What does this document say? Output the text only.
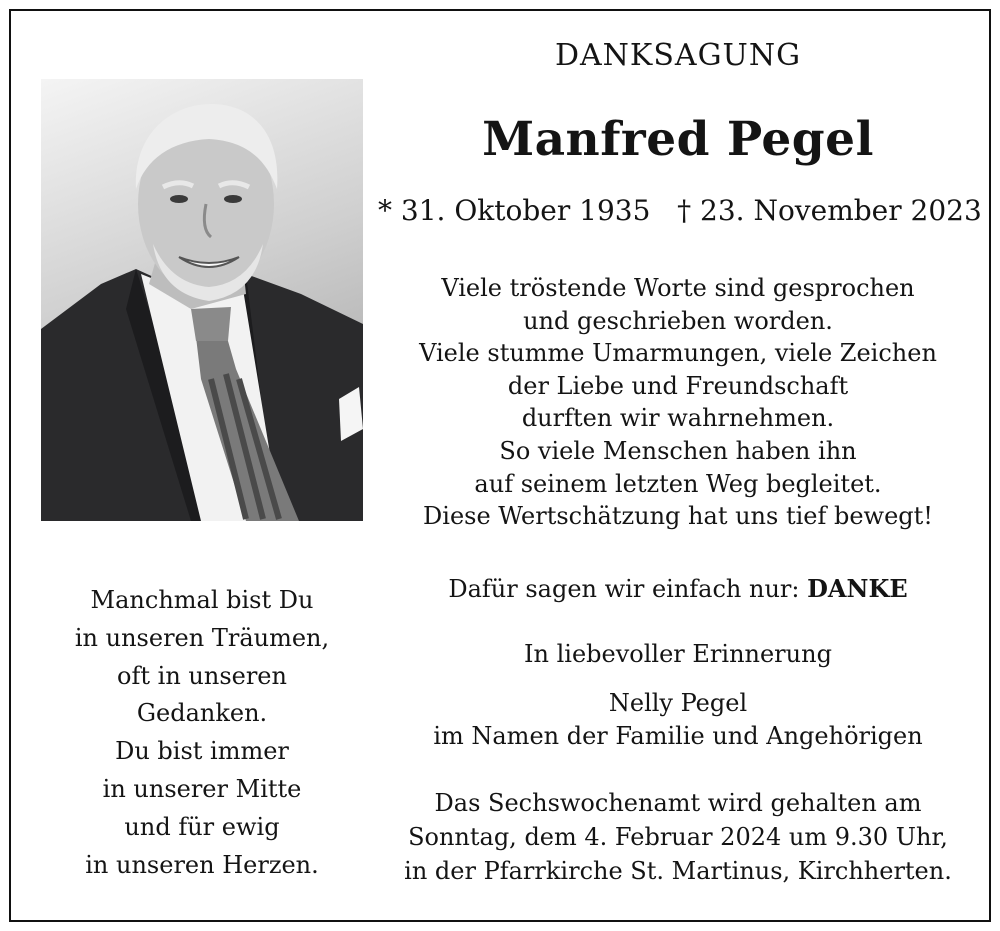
DANKSAGUNG
Manfred Pegel
* 31. Oktober 1935 † 23. November 2023
Viele tröstende Worte sind gesprochen
und geschrieben worden.
Viele stumme Umarmungen, viele Zeichen
der Liebe und Freundschaft
durften wir wahrnehmen.
So viele Menschen haben ihn
auf seinem letzten Weg begleitet.
Diese Wertschätzung hat uns tief bewegt!
Dafür sagen wir einfach nur: DANKE
In liebevoller Erinnerung
Nelly Pegel
im Namen der Familie und Angehörigen
Das Sechswochenamt wird gehalten am
Sonntag, dem 4. Februar 2024 um 9.30 Uhr,
in der Pfarrkirche St. Martinus, Kirchherten.
Manchmal bist Du
in unseren Träumen,
oft in unseren
Gedanken.
Du bist immer
in unserer Mitte
und für ewig
in unseren Herzen.
